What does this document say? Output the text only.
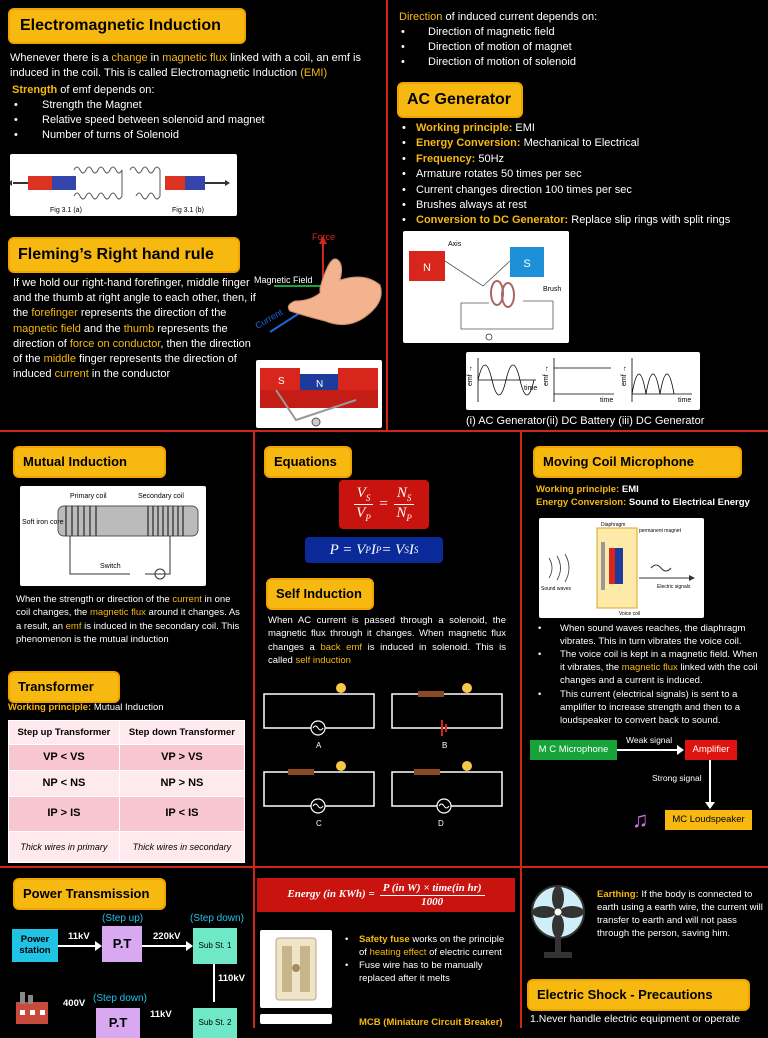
Electromagnetic Induction
Whenever there is a change in magnetic flux linked with a coil, an emf is induced in the coil. This is called Electromagnetic Induction (EMI)
Strength of emf depends on:
• Strength the Magnet
• Relative speed between solenoid and magnet
• Number of turns of Solenoid
Fig 3.1 (a)	Fig 3.1 (b)
Direction of induced current depends on:
• Direction of magnetic field
• Direction of motion of magnet
• Direction of motion of solenoid
AC Generator
• Working principle: EMI
• Energy Conversion: Mechanical to Electrical
• Frequency: 50Hz
• Armature rotates 50 times per sec
• Current changes direction 100 times per sec
• Brushes always at rest
• Conversion to DC Generator: Replace slip rings with split rings
N	S
Axis
Brush
emf →
time
emf →
time
emf →
time
(i) AC Generator(ii) DC Battery (iii) DC Generator
Fleming’s Right hand rule
If we hold our right-hand forefinger, middle finger and the thumb at right angle to each other, then, if the forefinger represents the direction of the magnetic field and the thumb represents the direction of force on conductor, then the direction of the middle finger represents the direction of induced current in the conductor
Force
Magnetic Field
Current
S	N
Mutual Induction
Primary coil	Secondary coil
Soft iron core
Switch
When the strength or direction of the current in one coil changes, the magnetic flux around it changes. As a result, an emf is induced in the secondary coil. This phenomenon is the mutual induction
Transformer
Working principle: Mutual Induction
Step up Transformer	Step down Transformer
VP < VS	VP > VS
NP < NS	NP > NS
IP > IS	IP < IS
Thick wires in primary	Thick wires in secondary
Equations
$\frac{V_S}{V_P} = \frac{N_S}{N_P}$
P = V P I P = V S I S
Self Induction
When AC current is passed through a solenoid, the magnetic flux through it changes. When magnetic flux changes a back emf is induced in solenoid. This is called self induction
A	B
C	D
Moving Coil Microphone
Working principle: EMI
Energy Conversion: Sound to Electrical Energy
Diaphragm
permanent magnet
Sound waves	Electric signals
Voice coil
• When sound waves reaches, the diaphragm vibrates. This in turn vibrates the voice coil.
• The voice coil is kept in a magnetic field. When it vibrates, the magnetic flux linked with the coil changes and a current is induced.
• This current (electrical signals) is sent to a amplifier to increase strength and then to a loudspeaker to convert back to sound.
M C Microphone
Weak signal
Amplifier
Strong signal
♫	MC Loudspeaker
Power Transmission
(Step up)	(Step down)
Power station
11kV	P.T	220kV
Sub St. 1
110kV
(Step down)
400V
P.T
11kV
Sub St. 2
Energy (in KWh) =
P (in W) × time(in hr)
1000
• Safety fuse works on the principle of heating effect of electric current
• Fuse wire has to be manually replaced after it melts
MCB (Miniature Circuit Breaker)
Earthing: If the body is connected to earth using a earth wire, the current will transfer to earth and will not pass through the person, saving him.
Electric Shock - Precautions
1.Never handle electric equipment or operate
